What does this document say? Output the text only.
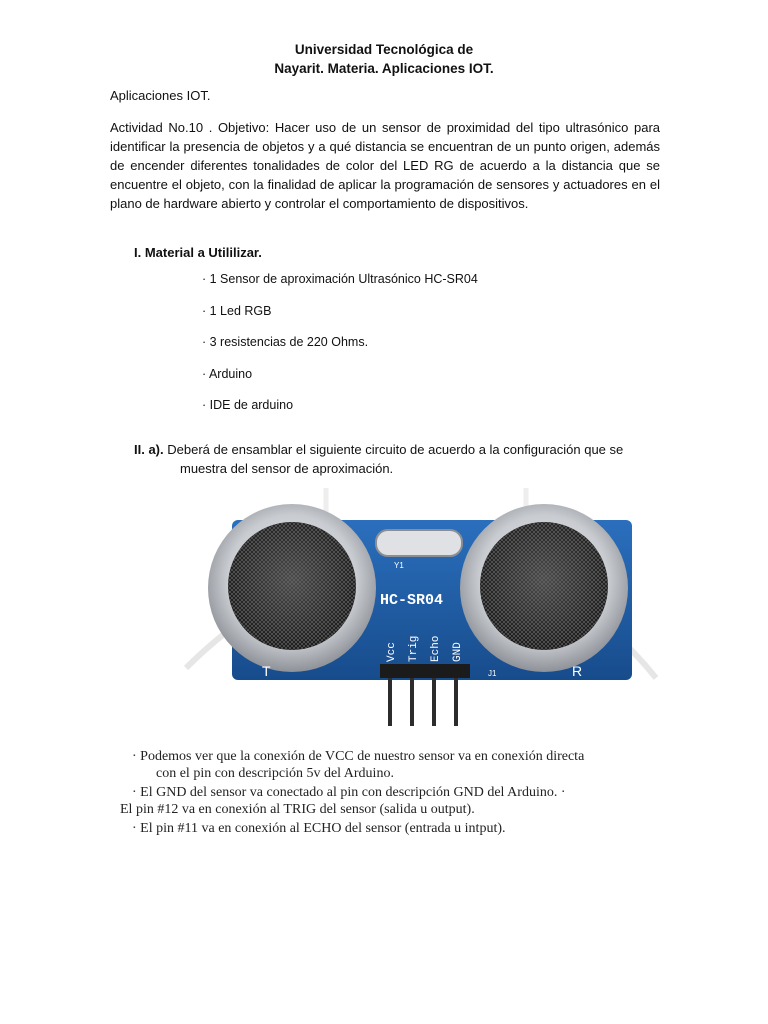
Universidad Tecnológica de
Nayarit. Materia. Aplicaciones IOT.
Aplicaciones IOT.
Actividad No.10 . Objetivo: Hacer uso de un sensor de proximidad del tipo ultrasónico para identificar la presencia de objetos y a qué distancia se encuentran de un punto origen, además de encender diferentes tonalidades de color del LED RG de acuerdo a la distancia que se encuentre el objeto, con la finalidad de aplicar la programación de sensores y actuadores en el plano de hardware abierto y controlar el comportamiento de dispositivos.
I. Material a Utililizar.
· 1 Sensor de aproximación Ultrasónico HC-SR04
· 1 Led RGB
· 3 resistencias de 220 Ohms.
· Arduino
· IDE de arduino
II. a). Deberá de ensamblar el siguiente circuito de acuerdo a la configuración que se
muestra del sensor de aproximación.
Y1
HC-SR04
T	R
J1
Vcc Trig Echo GND

· Podemos ver que la conexión de VCC de nuestro sensor va en conexión directa
con el pin con descripción 5v del Arduino.

· El GND del sensor va conectado al pin con descripción GND del Arduino. ·
El pin #12 va en conexión al TRIG del sensor (salida u output).

· El pin #11 va en conexión al ECHO del sensor (entrada u intput).
